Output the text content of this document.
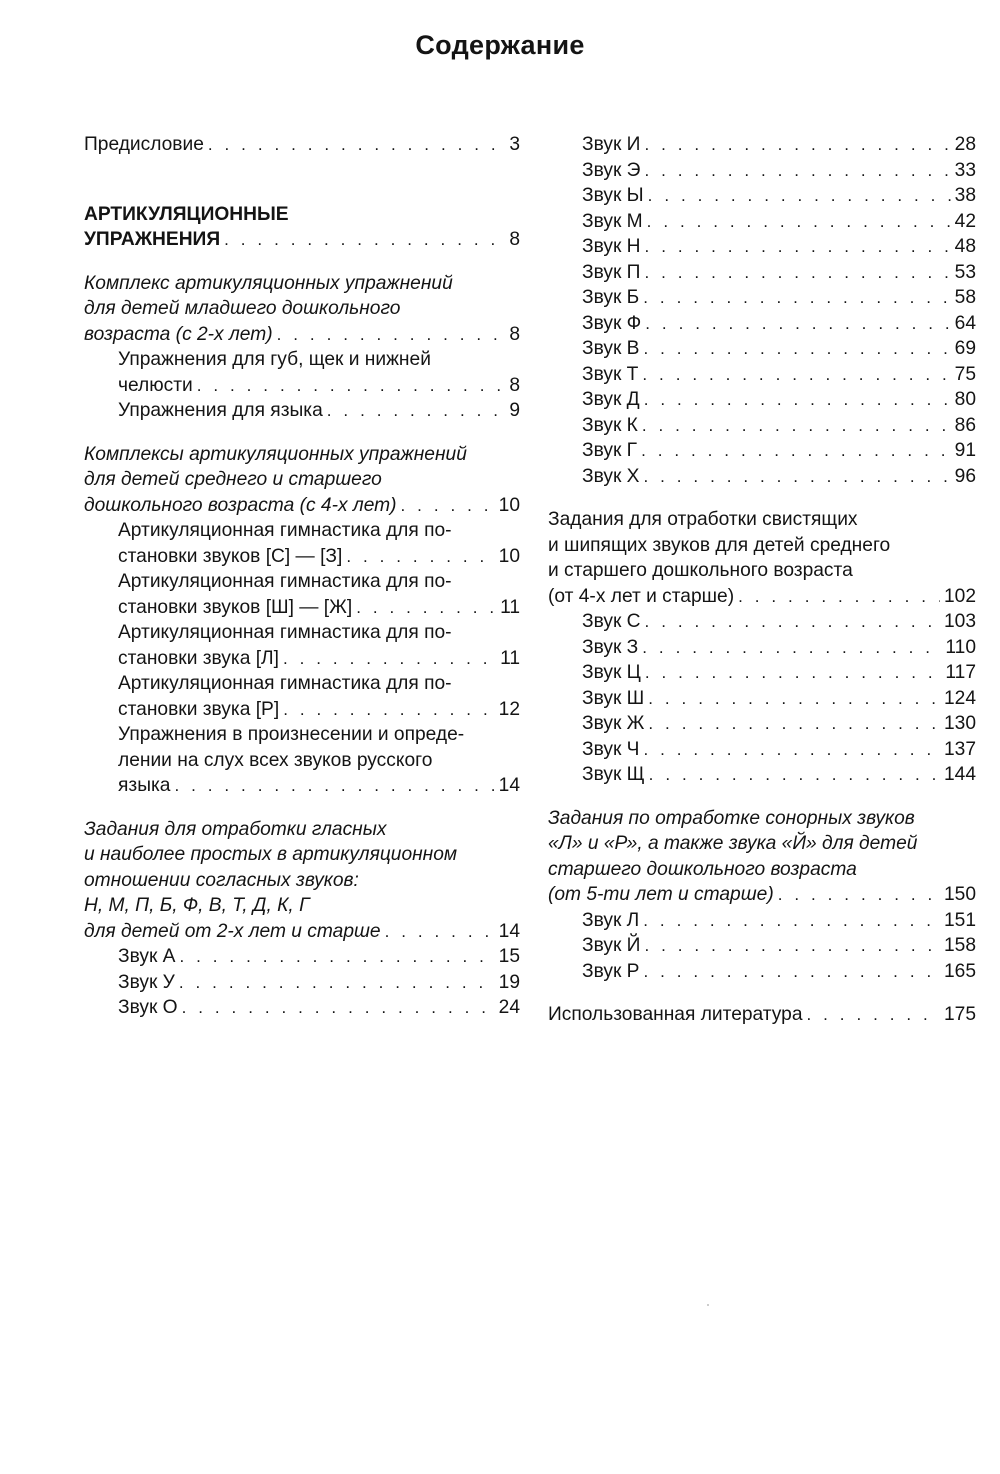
Содержание
Предисловие . . .	3
АРТИКУЛЯЦИОННЫЕ
УПРАЖНЕНИЯ . . .	8
Комплекс артикуляционных упражнений
для детей младшего дошкольного
возраста (с 2-х лет) . . .	8
Упражнения для губ, щек и нижней
челюсти . . .	8
Упражнения для языка . . .	9
Комплексы артикуляционных упражнений
для детей среднего и старшего
дошкольного возраста (с 4-х лет) . . .	10
Артикуляционная гимнастика для по-
становки звуков [С] — [З] . . .	10
Артикуляционная гимнастика для по-
становки звуков [Ш] — [Ж] . . .	11
Артикуляционная гимнастика для по-
становки звука [Л] . . .	11
Артикуляционная гимнастика для по-
становки звука [Р] . . .	12
Упражнения в произнесении и опреде-
лении на слух всех звуков русского
языка . . .	14
Задания для отработки гласных
и наиболее простых в артикуляционном
отношении согласных звуков:
Н, М, П, Б, Ф, В, Т, Д, К, Г
для детей от 2-х лет и старше . . .	14
Звук А . . .	15
Звук У . . .	19
Звук О . . .	24
Звук И . . .	28
Звук Э . . .	33
Звук Ы . . .	38
Звук М . . .	42
Звук Н . . .	48
Звук П . . .	53
Звук Б . . .	58
Звук Ф . . .	64
Звук В . . .	69
Звук Т . . .	75
Звук Д . . .	80
Звук К . . .	86
Звук Г . . .	91
Звук Х . . .	96
Задания для отработки свистящих
и шипящих звуков для детей среднего
и старшего дошкольного возраста
(от 4-х лет и старше) . . .	102
Звук С . . .	103
Звук З . . .	110
Звук Ц . . .	117
Звук Ш . . .	124
Звук Ж . . .	130
Звук Ч . . .	137
Звук Щ . . .	144
Задания по отработке сонорных звуков
«Л» и «Р», а также звука «Й» для детей
старшего дошкольного возраста
(от 5-ти лет и старше) . . .	150
Звук Л . . .	151
Звук Й . . .	158
Звук Р . . .	165
Использованная литература . . .	175
